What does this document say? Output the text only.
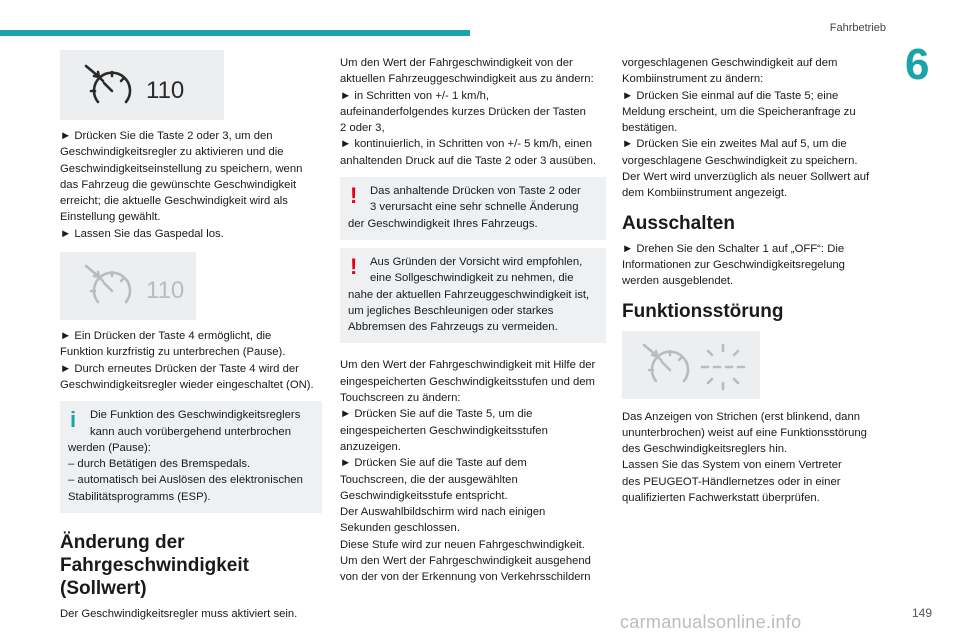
Fahrbetrieb
6
110

► Drücken Sie die Taste 2 oder 3, um den

Geschwindigkeitsregler zu aktivieren und die

Geschwindigkeitseinstellung zu speichern, wenn

das Fahrzeug die gewünschte Geschwindigkeit

erreicht; die aktuelle Geschwindigkeit wird als

Einstellung gewählt.

► Lassen Sie das Gaspedal los.

110

► Ein Drücken der Taste 4 ermöglicht, die

Funktion kurzfristig zu unterbrechen (Pause).

► Durch erneutes Drücken der Taste 4 wird der

Geschwindigkeitsregler wieder eingeschaltet (ON).

i	Die Funktion des Geschwindigkeitsreglers

kann auch vorübergehend unterbrochen

werden (Pause):

– durch Betätigen des Bremspedals.

– automatisch bei Auslösen des elektronischen

Stabilitätsprogramms (ESP).

Änderung der
Fahrgeschwindigkeit
(Sollwert)

Der Geschwindigkeitsregler muss aktiviert sein.

Um den Wert der Fahrgeschwindigkeit von der

aktuellen Fahrzeuggeschwindigkeit aus zu ändern:

► in Schritten von +/- 1 km/h,

aufeinanderfolgendes kurzes Drücken der Tasten

2 oder 3,

► kontinuierlich, in Schritten von +/- 5 km/h, einen

anhaltenden Druck auf die Taste 2 oder 3 ausüben.

!	Das anhaltende Drücken von Taste 2 oder

3 verursacht eine sehr schnelle Änderung

der Geschwindigkeit Ihres Fahrzeugs.

!	Aus Gründen der Vorsicht wird empfohlen,

eine Sollgeschwindigkeit zu nehmen, die

nahe der aktuellen Fahrzeuggeschwindigkeit ist,

um jegliches Beschleunigen oder starkes

Abbremsen des Fahrzeugs zu vermeiden.

Um den Wert der Fahrgeschwindigkeit mit Hilfe der

eingespeicherten Geschwindigkeitsstufen und dem

Touchscreen zu ändern:

► Drücken Sie auf die Taste 5, um die

eingespeicherten Geschwindigkeitsstufen

anzuzeigen.

► Drücken Sie auf die Taste auf dem

Touchscreen, die der ausgewählten

Geschwindigkeitsstufe entspricht.

Der Auswahlbildschirm wird nach einigen

Sekunden geschlossen.

Diese Stufe wird zur neuen Fahrgeschwindigkeit.

Um den Wert der Fahrgeschwindigkeit ausgehend

von der von der Erkennung von Verkehrsschildern

vorgeschlagenen Geschwindigkeit auf dem

Kombiinstrument zu ändern:

► Drücken Sie einmal auf die Taste 5; eine

Meldung erscheint, um die Speicheranfrage zu

bestätigen.

► Drücken Sie ein zweites Mal auf 5, um die

vorgeschlagene Geschwindigkeit zu speichern.

Der Wert wird unverzüglich als neuer Sollwert auf

dem Kombiinstrument angezeigt.

Ausschalten

► Drehen Sie den Schalter 1 auf „OFF“: Die

Informationen zur Geschwindigkeitsregelung

werden ausgeblendet.

Funktionsstörung

Das Anzeigen von Strichen (erst blinkend, dann

ununterbrochen) weist auf eine Funktionsstörung

des Geschwindigkeitsreglers hin.

Lassen Sie das System von einem Vertreter

des PEUGEOT-Händlernetzes oder in einer

qualifizierten Fachwerkstatt überprüfen.

carmanualsonline.info	149
